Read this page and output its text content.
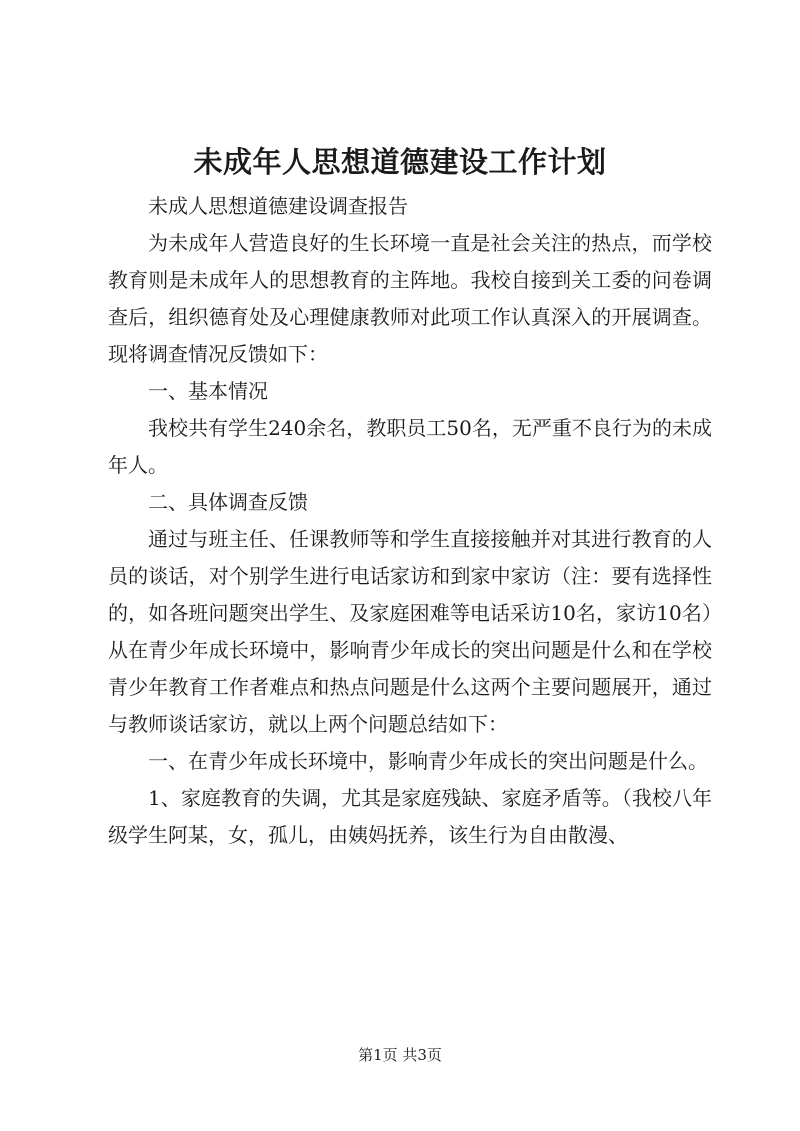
未成年人思想道德建设工作计划

未成人思想道德建设调查报告

为未成年人营造良好的生长环境一直是社会关注的热点，而学校教育则是未成年人的思想教育的主阵地。我校自接到关工委的问卷调查后，组织德育处及心理健康教师对此项工作认真深入的开展调查。现将调查情况反馈如下：

一、基本情况

我校共有学生240余名，教职员工50名，无严重不良行为的未成年人。

二、具体调查反馈

通过与班主任、任课教师等和学生直接接触并对其进行教育的人员的谈话，对个别学生进行电话家访和到家中家访（注：要有选择性的，如各班问题突出学生、及家庭困难等电话采访10名，家访10名）从在青少年成长环境中，影响青少年成长的突出问题是什么和在学校青少年教育工作者难点和热点问题是什么这两个主要问题展开，通过与教师谈话家访，就以上两个问题总结如下：

一、在青少年成长环境中，影响青少年成长的突出问题是什么。

1、家庭教育的失调，尤其是家庭残缺、家庭矛盾等。（我校八年级学生阿某，女，孤儿，由姨妈抚养，该生行为自由散漫、

第1页 共3页
